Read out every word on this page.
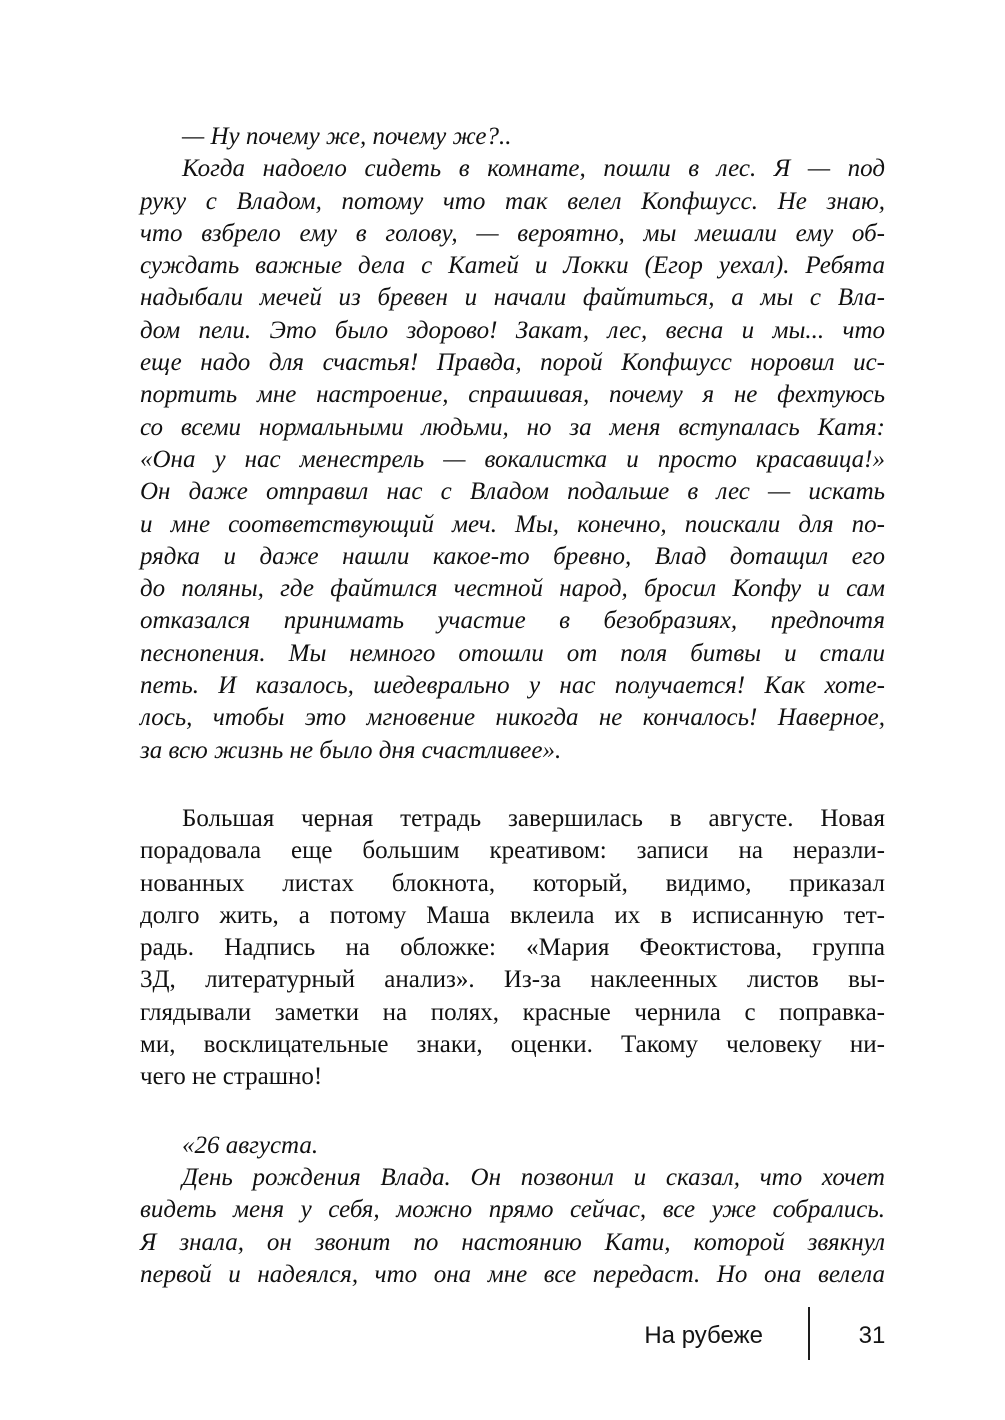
— Ну почему же, почему же?..
Когда надоело сидеть в комнате, пошли в лес. Я — под
руку с Владом, потому что так велел Копфшусс. Не знаю,
что взбрело ему в голову, — вероятно, мы мешали ему об-
суждать важные дела с Катей и Локки (Егор уехал). Ребята
надыбали мечей из бревен и начали файтиться, а мы с Вла-
дом пели. Это было здорово! Закат, лес, весна и мы... что
еще надо для счастья! Правда, порой Копфшусс норовил ис-
портить мне настроение, спрашивая, почему я не фехтуюсь
со всеми нормальными людьми, но за меня вступалась Катя:
«Она у нас менестрель — вокалистка и просто красавица!»
Он даже отправил нас с Владом подальше в лес — искать
и мне соответствующий меч. Мы, конечно, поискали для по-
рядка и даже нашли какое-то бревно, Влад дотащил его
до поляны, где файтился честной народ, бросил Копфу и сам
отказался принимать участие в безобразиях, предпочтя
песнопения. Мы немного отошли от поля битвы и стали
петь. И казалось, шедеврально у нас получается! Как хоте-
лось, чтобы это мгновение никогда не кончалось! Наверное,
за всю жизнь не было дня счастливее».
Большая черная тетрадь завершилась в августе. Новая
порадовала еще большим креативом: записи на неразли-
нованных листах блокнота, который, видимо, приказал
долго жить, а потому Маша вклеила их в исписанную тет-
радь. Надпись на обложке: «Мария Феоктистова, группа
3Д, литературный анализ». Из-за наклеенных листов вы-
глядывали заметки на полях, красные чернила с поправка-
ми, восклицательные знаки, оценки. Такому человеку ни-
чего не страшно!
«26 августа.
День рождения Влада. Он позвонил и сказал, что хочет
видеть меня у себя, можно прямо сейчас, все уже собрались.
Я знала, он звонит по настоянию Кати, которой звякнул
первой и надеялся, что она мне все передаст. Но она велела
На рубеже	31
